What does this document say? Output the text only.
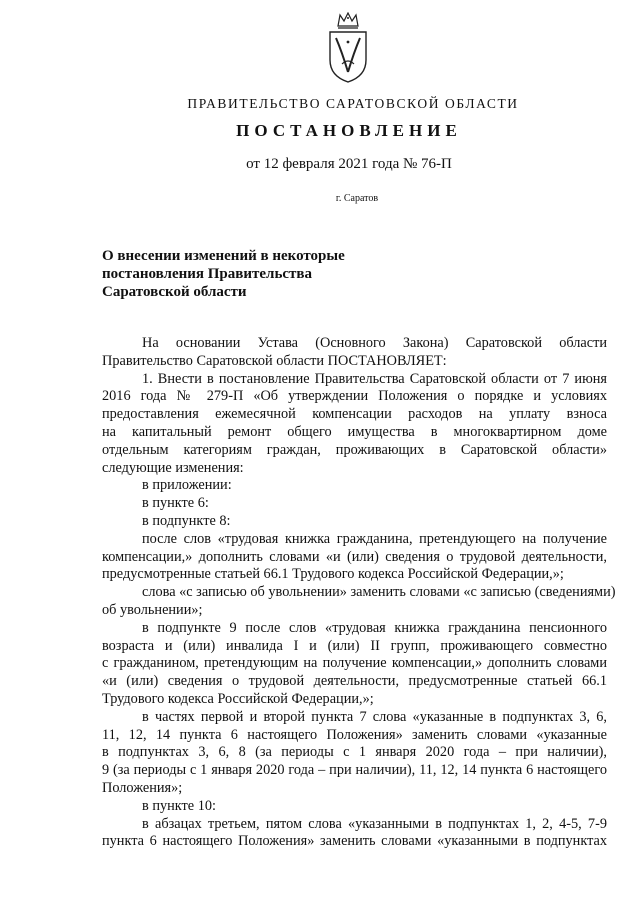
ПРАВИТЕЛЬСТВО САРАТОВСКОЙ ОБЛАСТИ
ПОСТАНОВЛЕНИЕ
от 12 февраля 2021 года № 76-П
г. Саратов
О внесении изменений в некоторые
постановления Правительства
Саратовской области
На основании Устава (Основного Закона) Саратовской области
Правительство Саратовской области ПОСТАНОВЛЯЕТ:
1. Внести в постановление Правительства Саратовской области от 7 июня
2016 года № 279-П «Об утверждении Положения о порядке и условиях
предоставления ежемесячной компенсации расходов на уплату взноса
на капитальный ремонт общего имущества в многоквартирном доме
отдельным категориям граждан, проживающих в Саратовской области»
следующие изменения:
в приложении:
в пункте 6:
в подпункте 8:
после слов «трудовая книжка гражданина, претендующего на получение
компенсации,» дополнить словами «и (или) сведения о трудовой деятельности,
предусмотренные статьей 66.1 Трудового кодекса Российской Федерации,»;
слова «с записью об увольнении» заменить словами «с записью (сведениями)
об увольнении»;
в подпункте 9 после слов «трудовая книжка гражданина пенсионного
возраста и (или) инвалида I и (или) II групп, проживающего совместно
с гражданином, претендующим на получение компенсации,» дополнить словами
«и (или) сведения о трудовой деятельности, предусмотренные статьей 66.1
Трудового кодекса Российской Федерации,»;
в частях первой и второй пункта 7 слова «указанные в подпунктах 3, 6,
11, 12, 14 пункта 6 настоящего Положения» заменить словами «указанные
в подпунктах 3, 6, 8 (за периоды с 1 января 2020 года – при наличии),
9 (за периоды с 1 января 2020 года – при наличии), 11, 12, 14 пункта 6 настоящего
Положения»;
в пункте 10:
в абзацах третьем, пятом слова «указанными в подпунктах 1, 2, 4-5, 7-9
пункта 6 настоящего Положения» заменить словами «указанными в подпунктах
